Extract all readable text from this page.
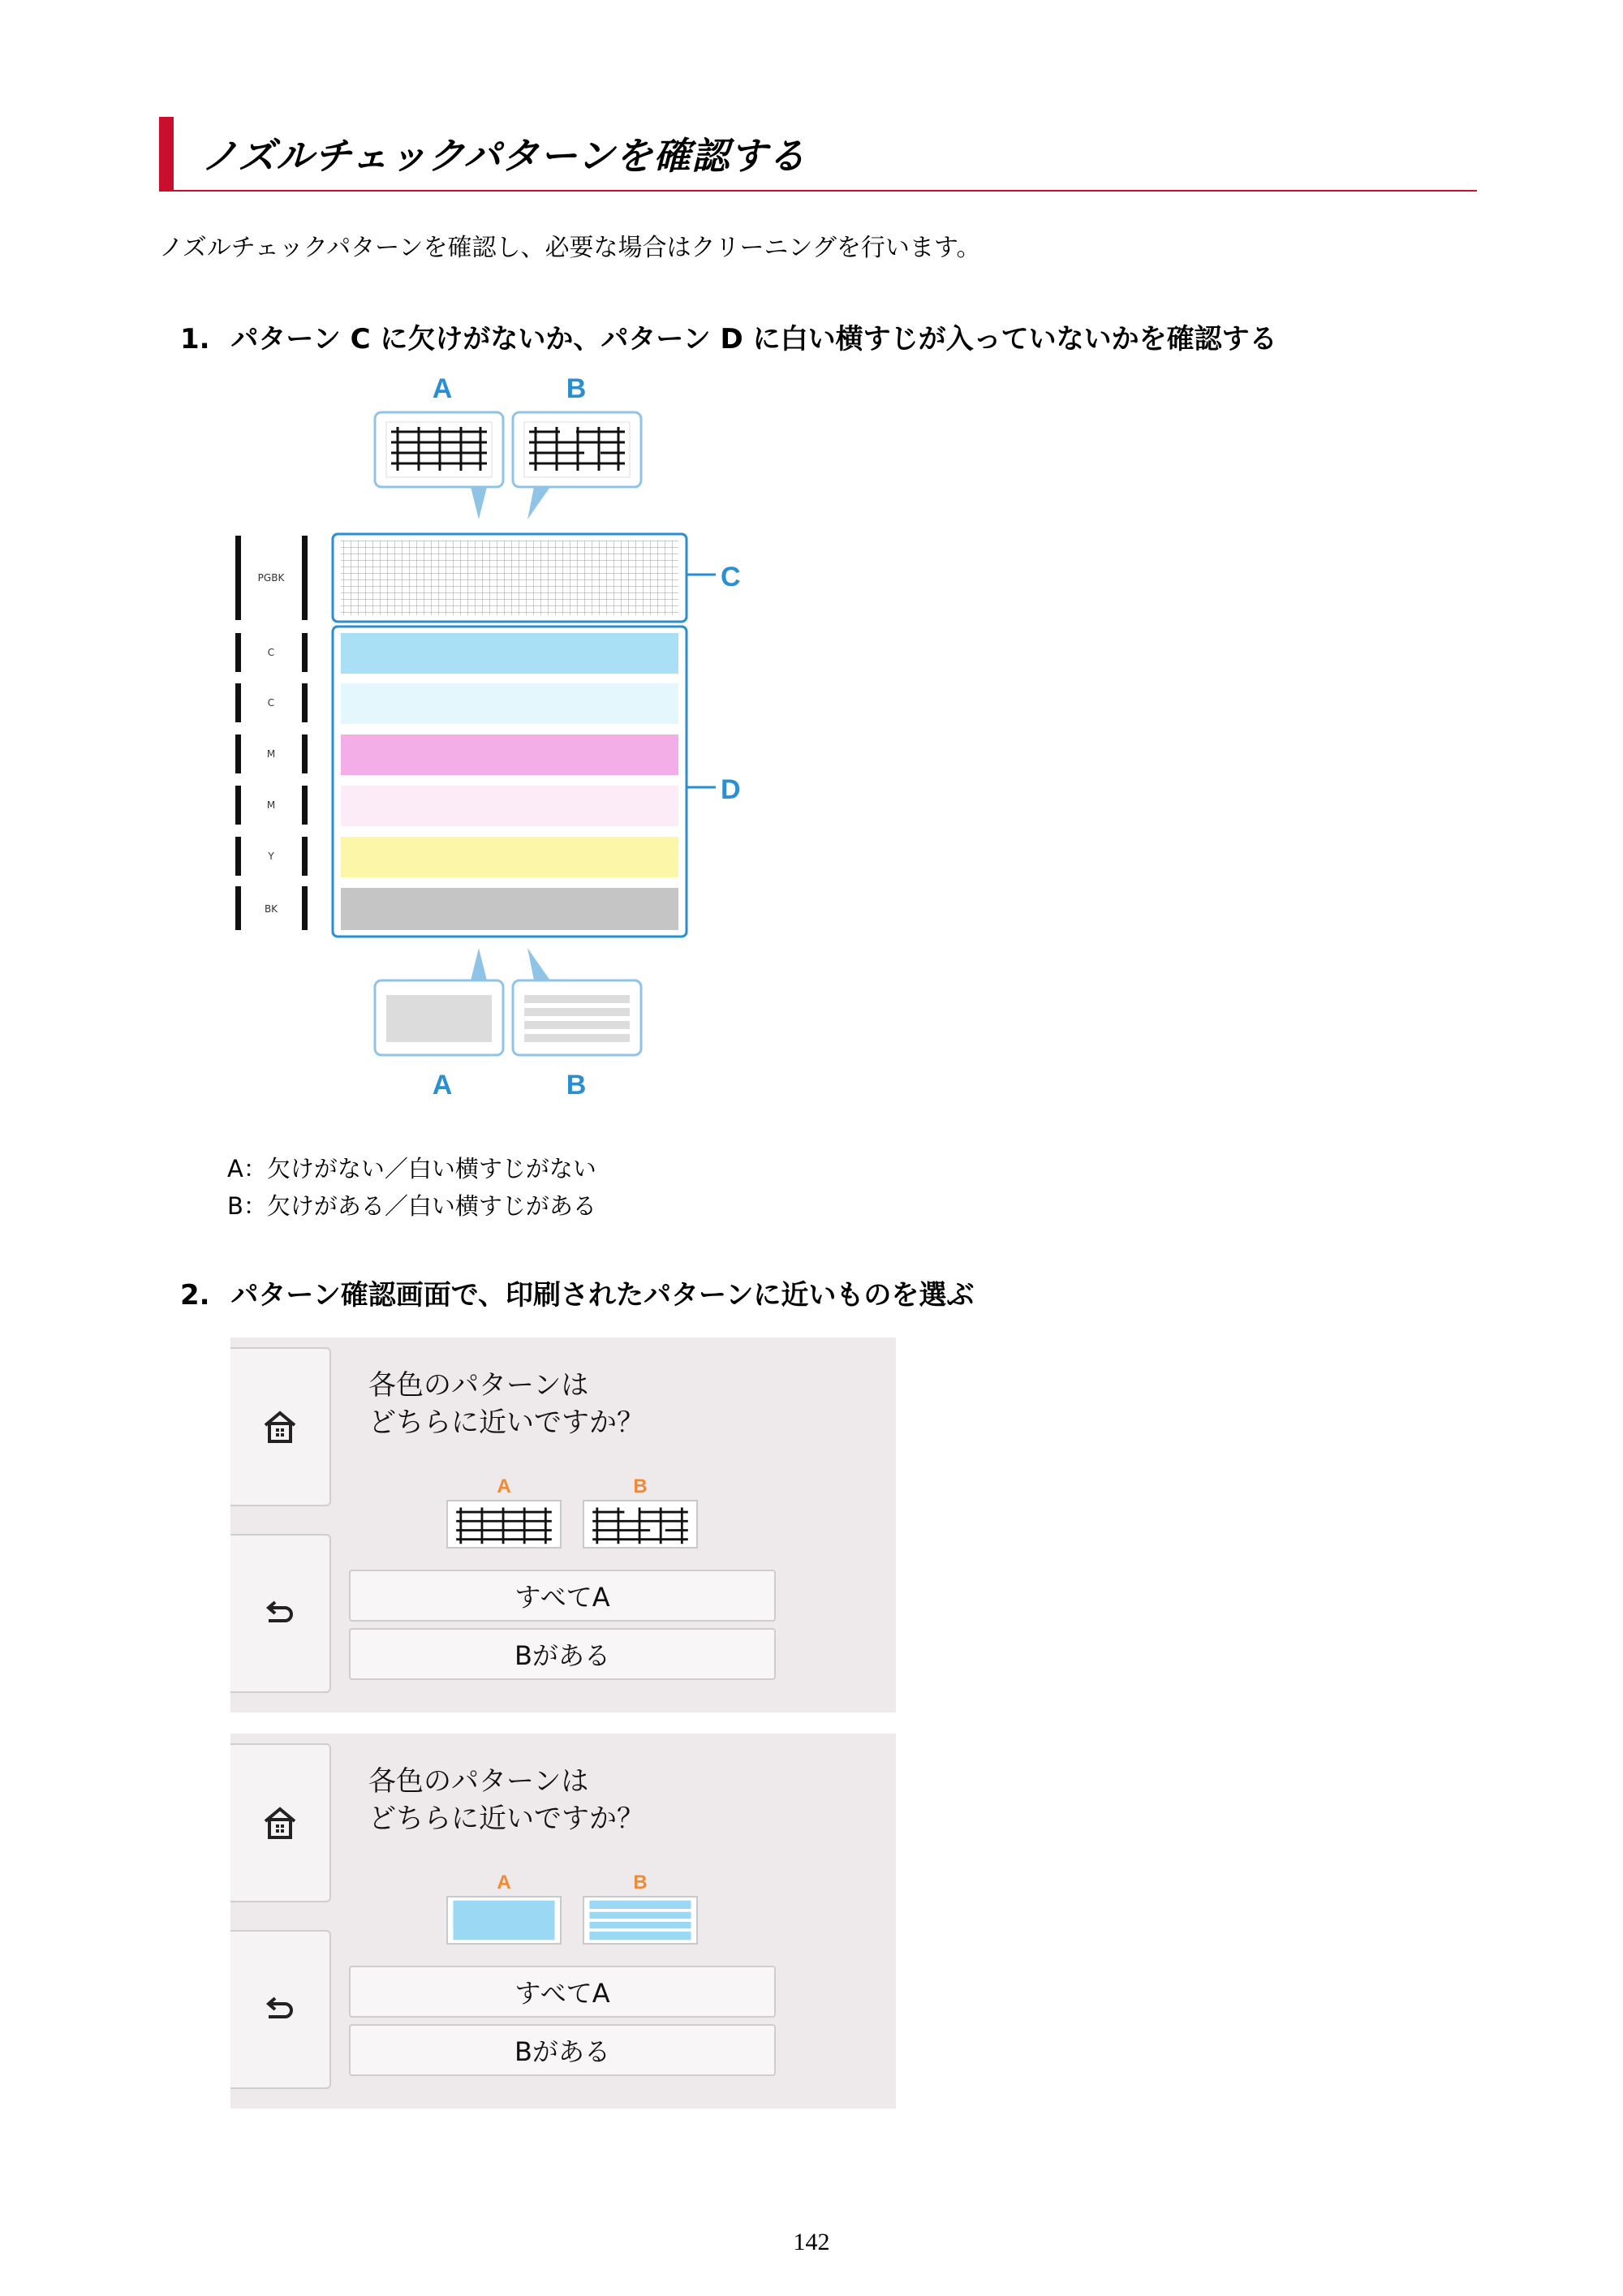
ノズルチェックパターンを確認する
ノズルチェックパターンを確認し、必要な場合はクリーニングを行います。
1. パターン C に欠けがないか、パターン D に白い横すじが入っていないかを確認する
A	B
PGBK
C
C
M
M
Y
BK
C
D
A	B
A：欠けがない／白い横すじがない
B：欠けがある／白い横すじがある
2. パターン確認画面で、印刷されたパターンに近いものを選ぶ
各色のパターンは
どちらに近いですか？
A	B
すべてA
Bがある
各色のパターンは
どちらに近いですか？
A	B
すべてA
Bがある
142
